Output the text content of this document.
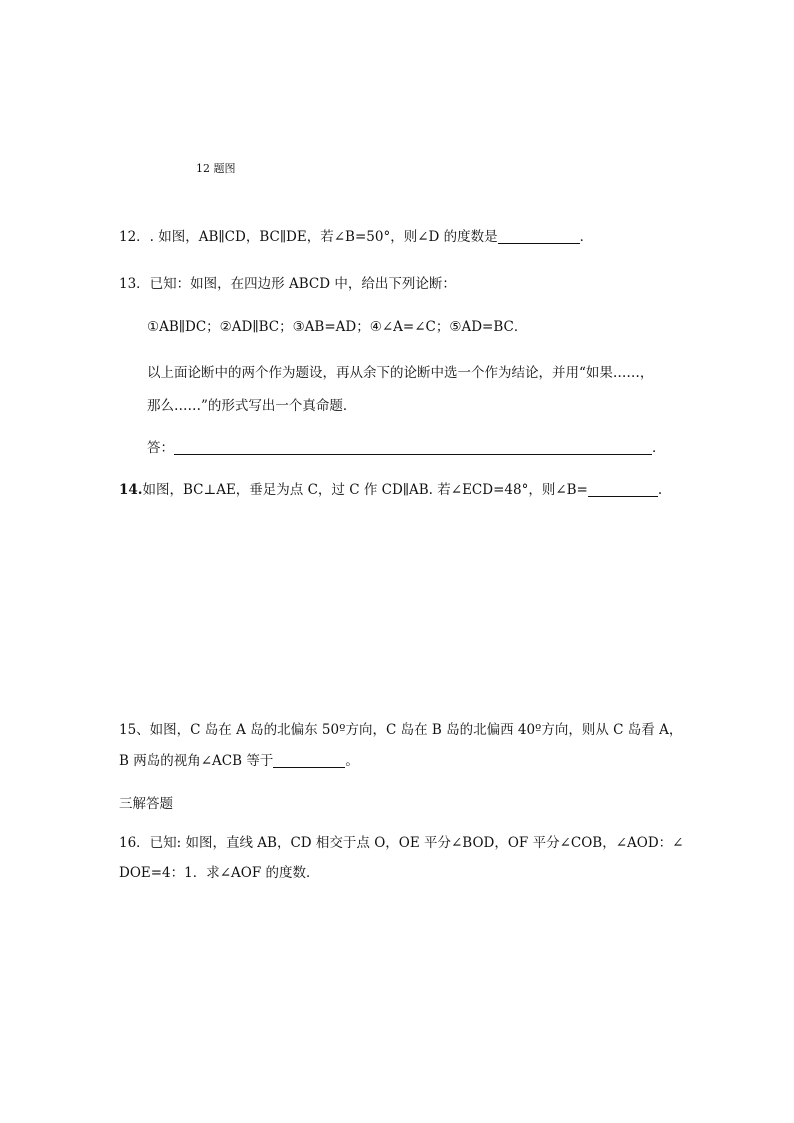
12 题图
12．. 如图，AB∥CD，BC∥DE，若∠B=50°，则∠D 的度数是	．
13．已知：如图，在四边形 ABCD 中，给出下列论断：
①AB∥DC；②AD∥BC；③AB=AD；④∠A=∠C；⑤AD=BC．
以上面论断中的两个作为题设，再从余下的论断中选一个作为结论，并用“如果……，
那么……”的形式写出一个真命题．
答：	．
14.如图，BC⊥AE，垂足为点 C，过 C 作 CD∥AB. 若∠ECD=48°，则∠B=	.
15、如图，C 岛在 A 岛的北偏东 50º方向，C 岛在 B 岛的北偏西 40º方向，则从 C 岛看 A，
B 两岛的视角∠ACB 等于	。
三解答题
16．已知: 如图，直线 AB，CD 相交于点 O，OE 平分∠BOD，OF 平分∠COB，∠AOD：∠
DOE=4：1．求∠AOF 的度数．
